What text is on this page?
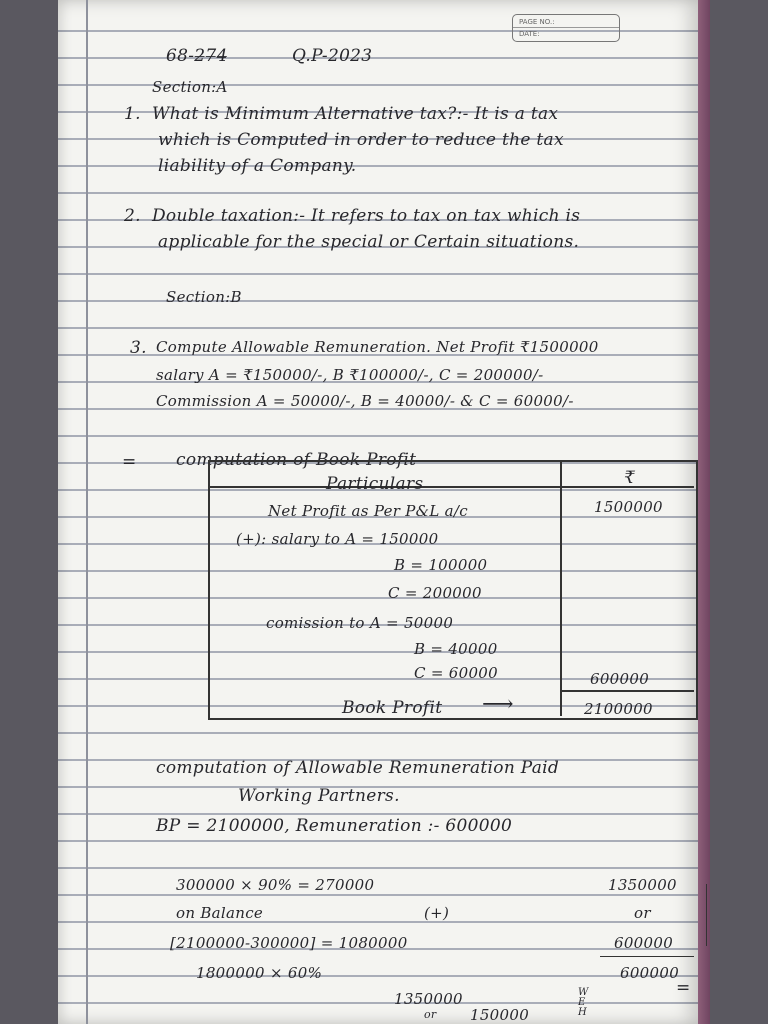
PAGE NO.:
DATE:

68-2̶7̶4̶	Q.P-2023

Section:A

1. What is Minimum Alternative tax?:- It is a tax

which is Computed in order to reduce the tax

liability of a Company.

2. Double taxation:- It refers to tax on tax which is

applicable for the special or Certain situations.

Section:B

3. Compute Allowable Remuneration. Net Profit ₹1500000

salary A = ₹150000/-, B ₹100000/-, C = 200000/-

Commission A = 50000/-, B = 40000/- & C = 60000/-

= computation of Book Profit

Particulars	₹

Net Profit as Per P&L a/c	1500000

(+): salary to A = 150000

B = 100000

C = 200000

comission to A = 50000

B = 40000

C = 60000	600000

Book Profit ⟶	2100000

computation of Allowable Remuneration Paid

Working Partners.

BP = 2100000, Remuneration :- 600000

300000 × 90% = 270000

on Balance	(+)

[2100000-300000] = 1080000

1800000 × 60%

1350000

or

600000

600000

=

1350000

or 150000

W E H
